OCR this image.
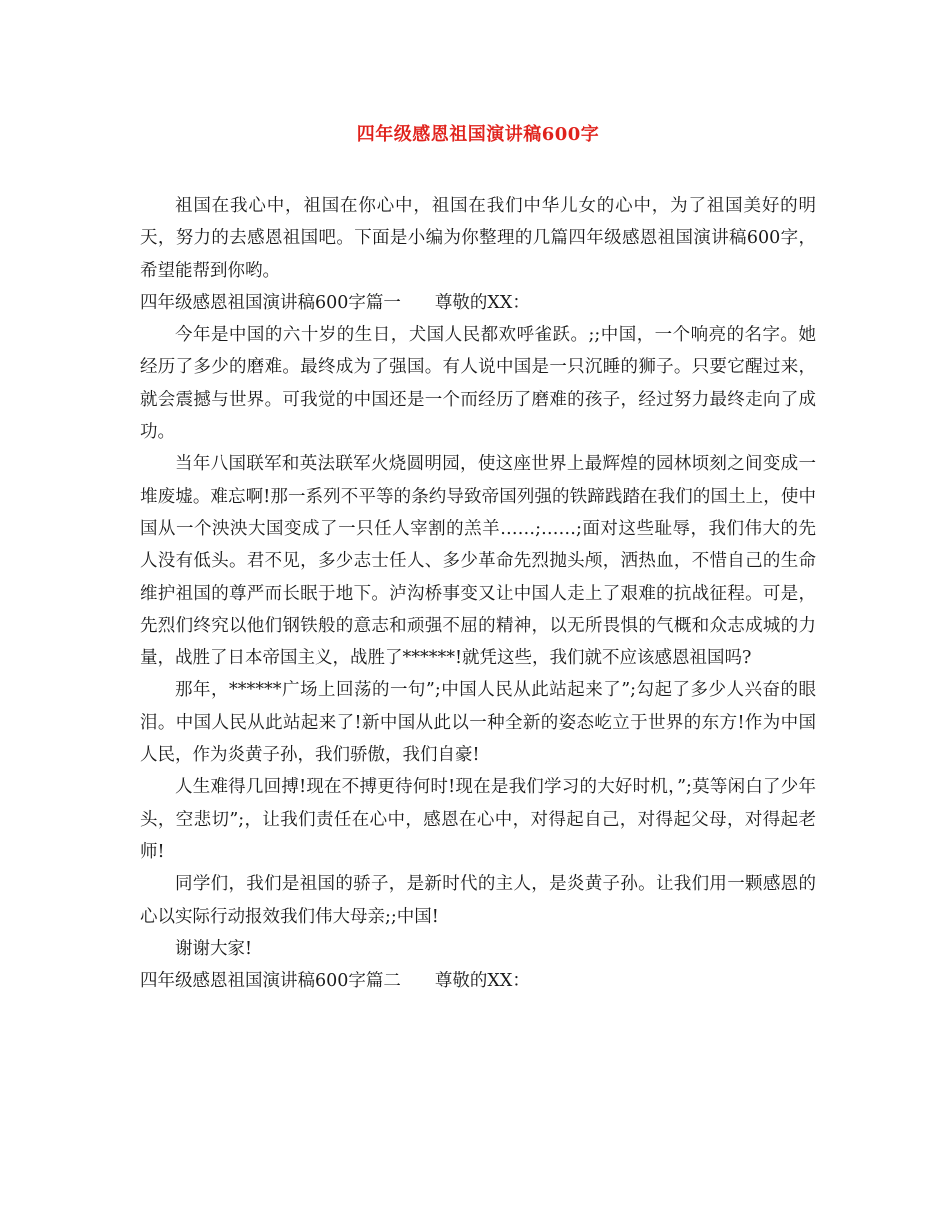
四年级感恩祖国演讲稿600字

祖国在我心中，祖国在你心中，祖国在我们中华儿女的心中，为了祖国美好的明天，努力的去感恩祖国吧。下面是小编为你整理的几篇四年级感恩祖国演讲稿600字，希望能帮到你哟。

四年级感恩祖国演讲稿600字篇一 尊敬的XX：

今年是中国的六十岁的生日，犬国人民都欢呼雀跃。;;中国，一个响亮的名字。她经历了多少的磨难。最终成为了强国。有人说中国是一只沉睡的狮子。只要它醒过来，就会震撼与世界。可我觉的中国还是一个而经历了磨难的孩子，经过努力最终走向了成功。

当年八国联军和英法联军火烧圆明园，使这座世界上最辉煌的园林顷刻之间变成一堆废墟。难忘啊!那一系列不平等的条约导致帝国列强的铁蹄践踏在我们的国土上，使中国从一个泱泱大国变成了一只任人宰割的羔羊……;……;面对这些耻辱，我们伟大的先人没有低头。君不见，多少志士任人、多少革命先烈抛头颅，洒热血，不惜自己的生命维护祖国的尊严而长眠于地下。泸沟桥事变又让中国人走上了艰难的抗战征程。可是，先烈们终究以他们钢铁般的意志和顽强不屈的精神，以无所畏惧的气概和众志成城的力量，战胜了日本帝国主义，战胜了******!就凭这些，我们就不应该感恩祖国吗?

那年，******广场上回荡的一句”;中国人民从此站起来了”;勾起了多少人兴奋的眼泪。中国人民从此站起来了!新中国从此以一种全新的姿态屹立于世界的东方!作为中国人民，作为炎黄子孙，我们骄傲，我们自豪!

人生难得几回搏!现在不搏更待何时!现在是我们学习的大好时机，”;莫等闲白了少年头，空悲切”;，让我们责任在心中，感恩在心中，对得起自己，对得起父母，对得起老师!

同学们，我们是祖国的骄子，是新时代的主人，是炎黄子孙。让我们用一颗感恩的心以实际行动报效我们伟大母亲;;中国!

谢谢大家!

四年级感恩祖国演讲稿600字篇二 尊敬的XX：
